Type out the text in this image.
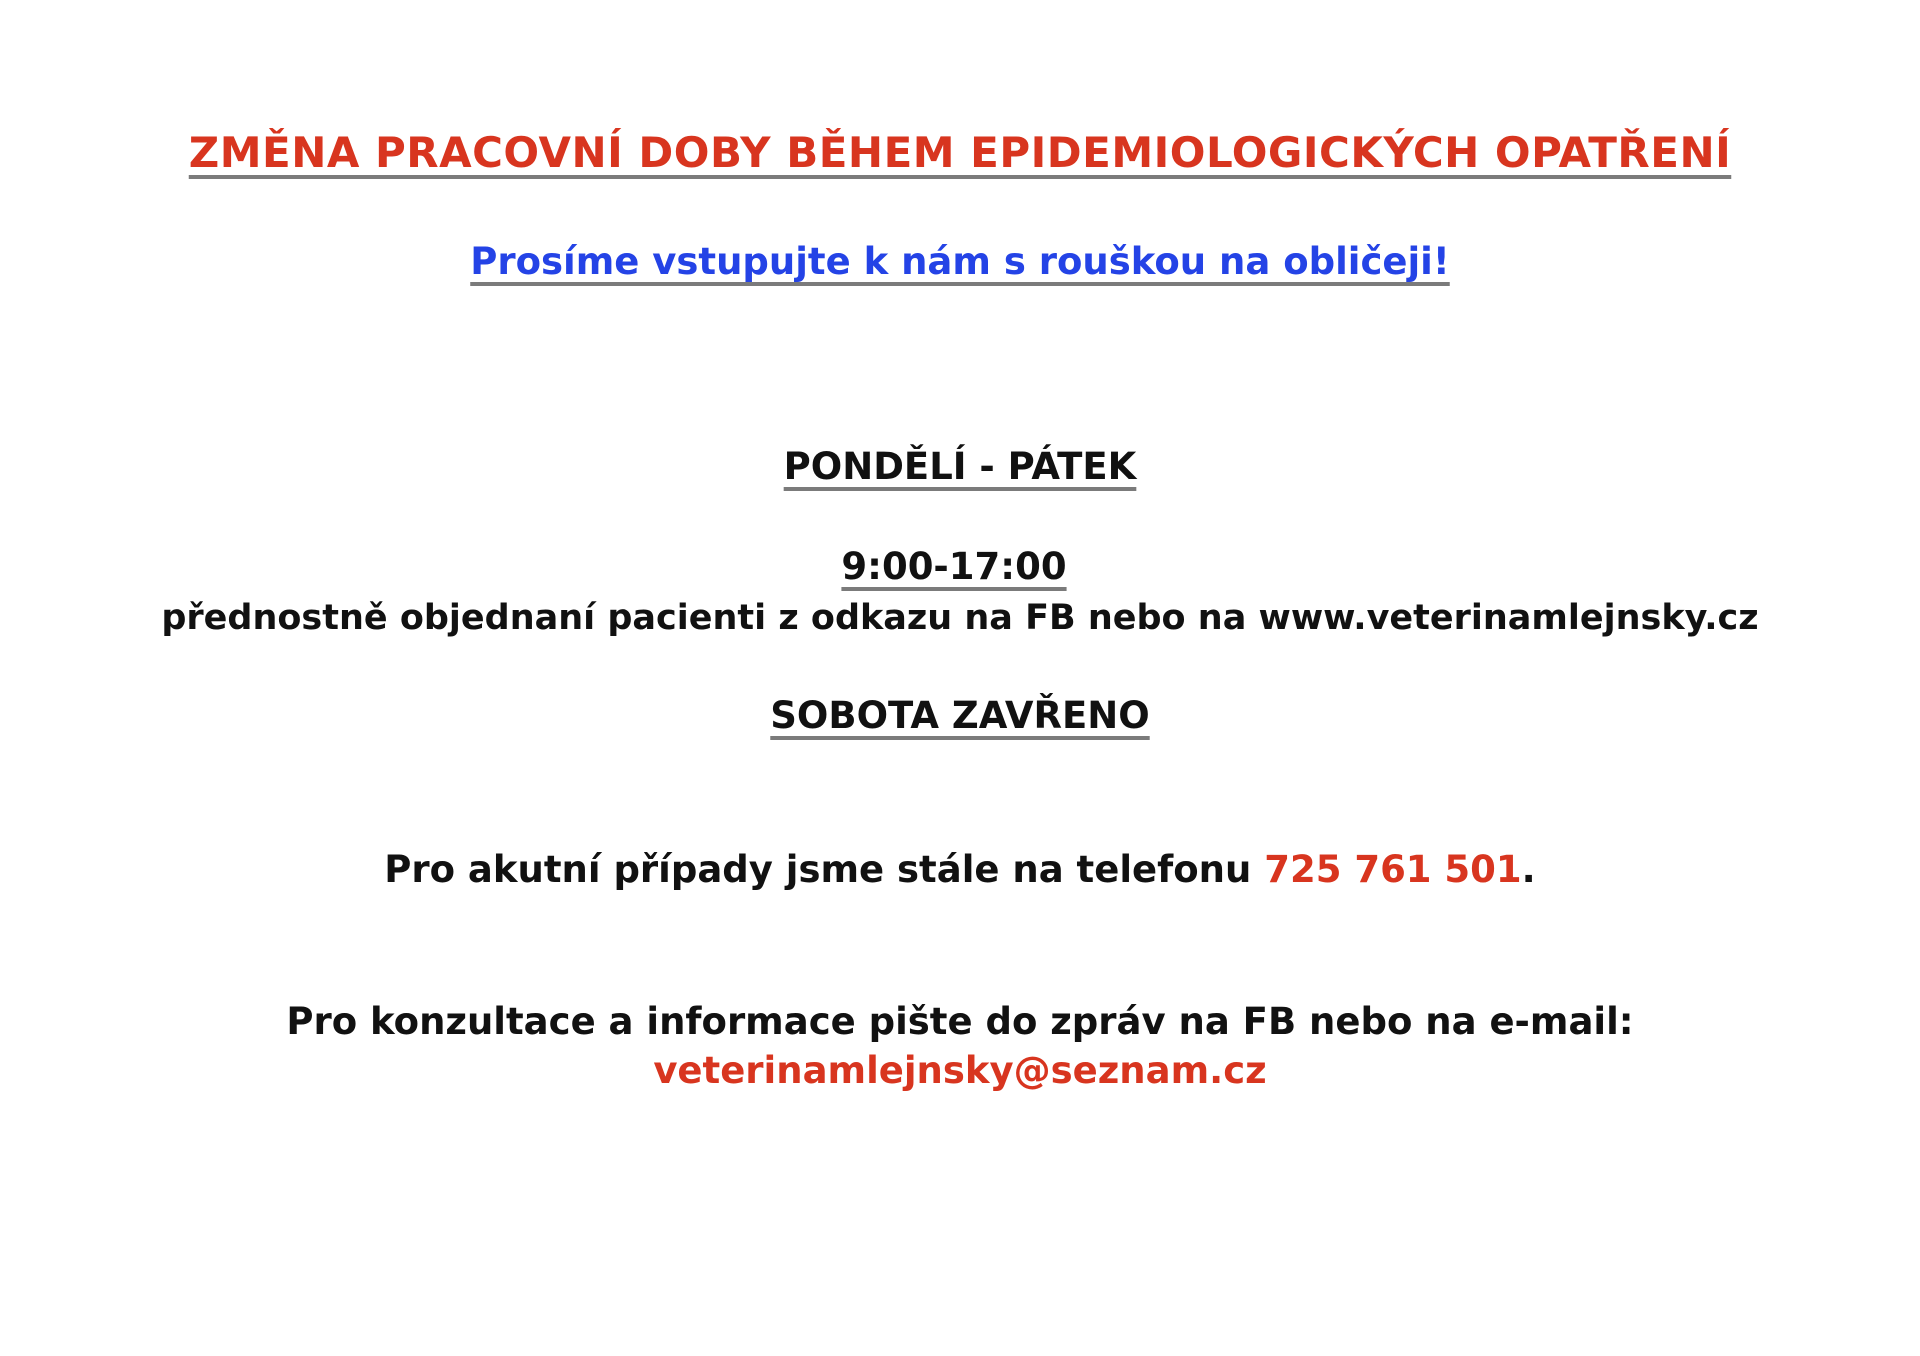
ZMĚNA PRACOVNÍ DOBY BĚHEM EPIDEMIOLOGICKÝCH OPATŘENÍ
Prosíme vstupujte k nám s rouškou na obličeji!
PONDĚLÍ - PÁTEK
9:00-17:00
přednostně objednaní pacienti z odkazu na FB nebo na www.veterinamlejnsky.cz
SOBOTA ZAVŘENO
Pro akutní případy jsme stále na telefonu 725 761 501.
Pro konzultace a informace pište do zpráv na FB nebo na e-mail:
veterinamlejnsky@seznam.cz
